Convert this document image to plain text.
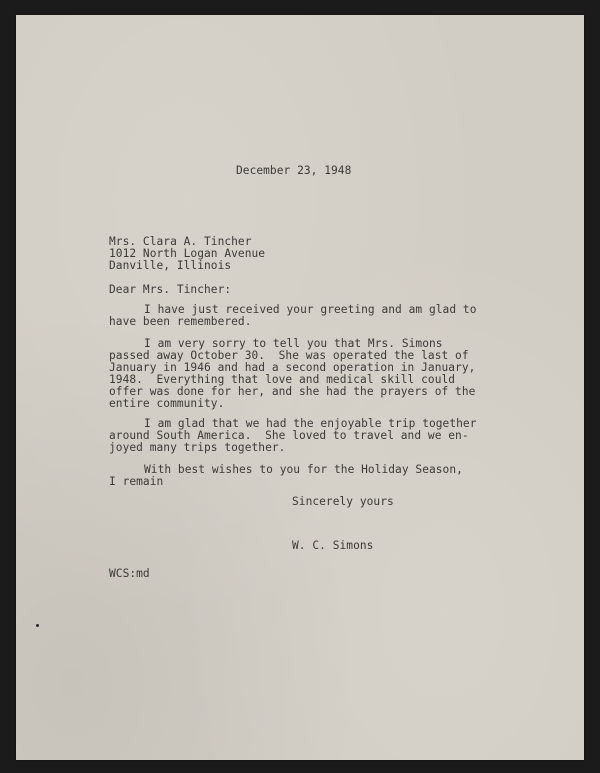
December 23, 1948

Mrs. Clara A. Tincher

1012 North Logan Avenue

Danville, Illinois

Dear Mrs. Tincher:

I have just received your greeting and am glad to

have been remembered.

I am very sorry to tell you that Mrs. Simons

passed away October 30.  She was operated the last of

January in 1946 and had a second operation in January,

1948.  Everything that love and medical skill could

offer was done for her, and she had the prayers of the

entire community.

I am glad that we had the enjoyable trip together

around South America.  She loved to travel and we en-

joyed many trips together.

With best wishes to you for the Holiday Season,

I remain

Sincerely yours

W. C. Simons

WCS:md
